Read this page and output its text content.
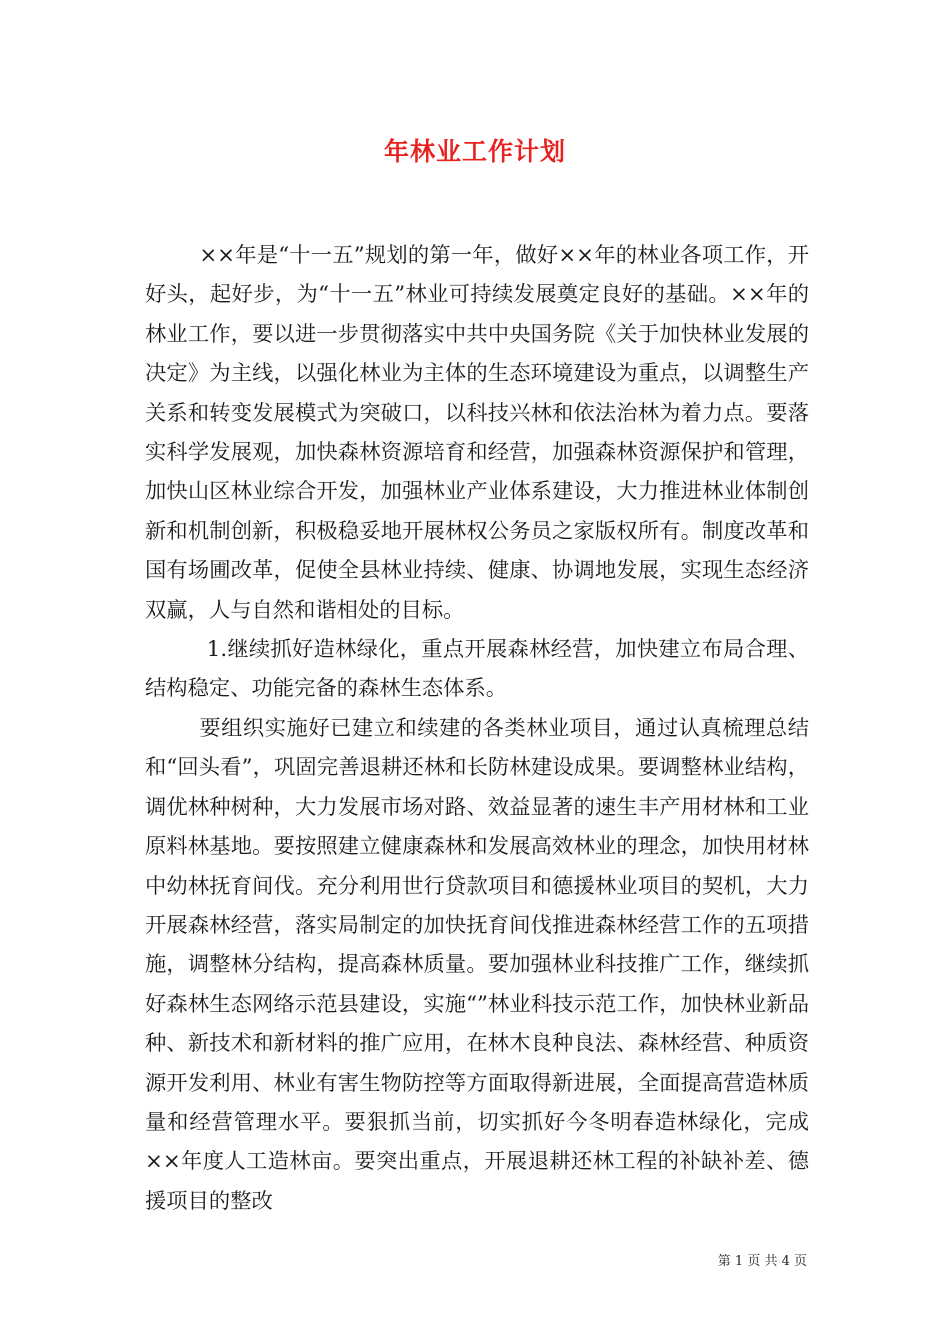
年林业工作计划

××年是“十一五”规划的第一年，做好××年的林业各项工作，开好头，起好步，为“十一五”林业可持续发展奠定良好的基础。××年的林业工作，要以进一步贯彻落实中共中央国务院《关于加快林业发展的决定》为主线，以强化林业为主体的生态环境建设为重点，以调整生产关系和转变发展模式为突破口，以科技兴林和依法治林为着力点。要落实科学发展观，加快森林资源培育和经营，加强森林资源保护和管理，加快山区林业综合开发，加强林业产业体系建设，大力推进林业体制创新和机制创新，积极稳妥地开展林权公务员之家版权所有。制度改革和国有场圃改革，促使全县林业持续、健康、协调地发展，实现生态经济双赢，人与自然和谐相处的目标。

1.继续抓好造林绿化，重点开展森林经营，加快建立布局合理、结构稳定、功能完备的森林生态体系。

要组织实施好已建立和续建的各类林业项目，通过认真梳理总结和“回头看”，巩固完善退耕还林和长防林建设成果。要调整林业结构，调优林种树种，大力发展市场对路、效益显著的速生丰产用材林和工业原料林基地。要按照建立健康森林和发展高效林业的理念，加快用材林中幼林抚育间伐。充分利用世行贷款项目和德援林业项目的契机，大力开展森林经营，落实局制定的加快抚育间伐推进森林经营工作的五项措施，调整林分结构，提高森林质量。要加强林业科技推广工作，继续抓好森林生态网络示范县建设，实施“”林业科技示范工作，加快林业新品种、新技术和新材料的推广应用，在林木良种良法、森林经营、种质资源开发利用、林业有害生物防控等方面取得新进展，全面提高营造林质量和经营管理水平。要狠抓当前，切实抓好今冬明春造林绿化，完成××年度人工造林亩。要突出重点，开展退耕还林工程的补缺补差、德援项目的整改

第 1 页 共 4 页
